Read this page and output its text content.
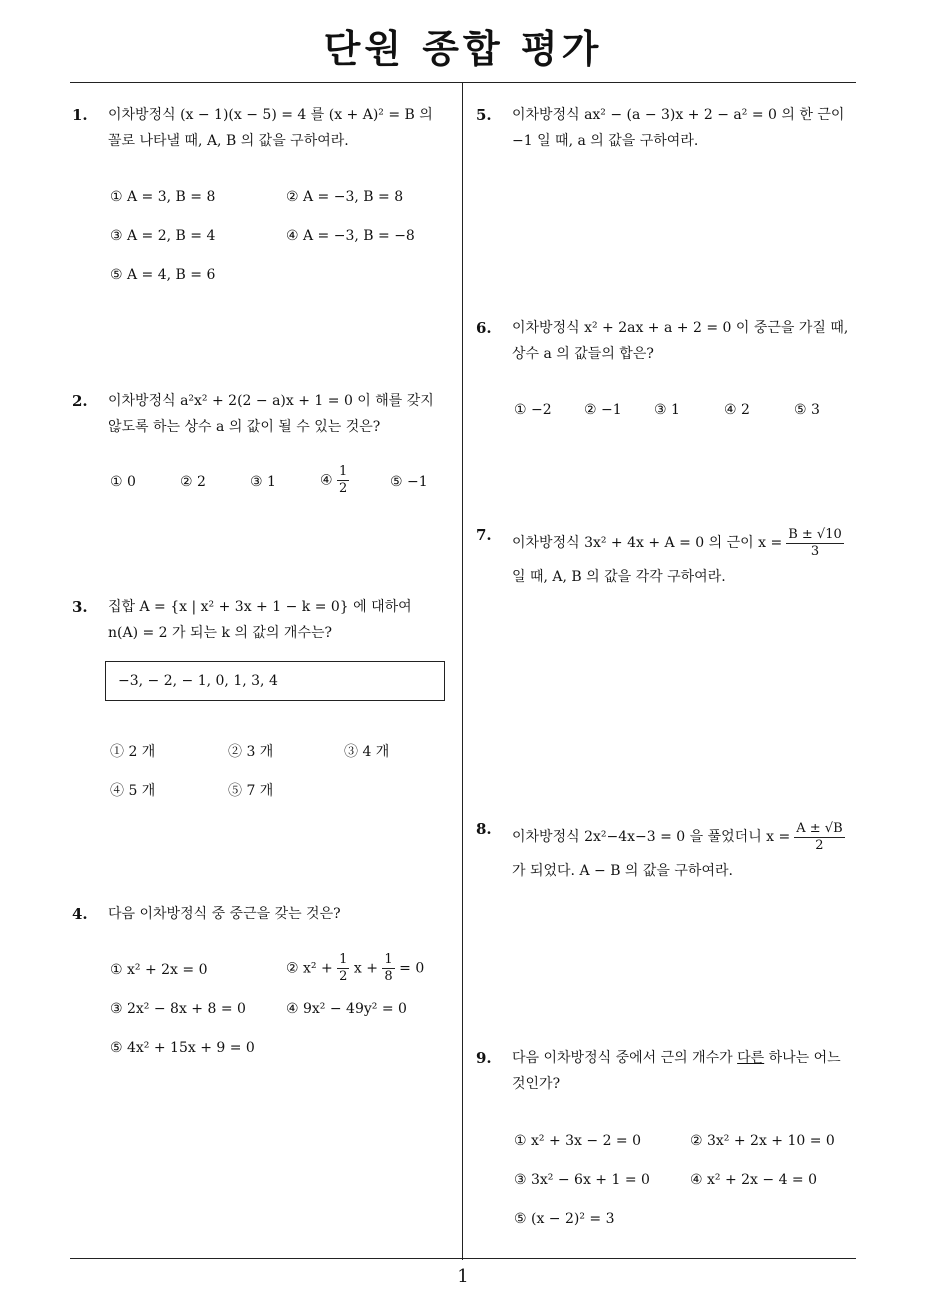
단원 종합 평가
1. 이차방정식 (x − 1)(x − 5) = 4 를 (x + A)² = B 의
꼴로 나타낼 때, A, B 의 값을 구하여라.
① A = 3, B = 8	② A = −3, B = 8
③ A = 2, B = 4	④ A = −3, B = −8
⑤ A = 4, B = 6
2. 이차방정식 a²x² + 2(2 − a)x + 1 = 0 이 해를 갖지
않도록 하는 상수 a 의 값이 될 수 있는 것은?
① 0	② 2	③ 1	④ $\frac{1}{2}$	⑤ −1
3. 집합 A = {x | x² + 3x + 1 − k = 0} 에 대하여
n(A) = 2 가 되는 k 의 값의 개수는?
−3, − 2, − 1, 0, 1, 3, 4
① 2 개	② 3 개	③ 4 개
④ 5 개	⑤ 7 개
4. 다음 이차방정식 중 중근을 갖는 것은?
① x² + 2x = 0	② $x^2 + \frac{1}{2}$ $x + \frac{1}{8} = 0$
③ 2x² − 8x + 8 = 0	④ 9x² − 49y² = 0
⑤ 4x² + 15x + 9 = 0
5. 이차방정식 ax² − (a − 3)x + 2 − a² = 0 의 한 근이
−1 일 때, a 의 값을 구하여라.
6. 이차방정식 x² + 2ax + a + 2 = 0 이 중근을 가질 때,
상수 a 의 값들의 합은?
① −2 ② −1 ③ 1	④ 2	⑤ 3
7. 이차방정식 3x² + 4x + A = 0 의 근이 $x = \frac{B \pm √10}{3}$
일 때, A, B 의 값을 각각 구하여라.
8. 이차방정식 2x²−4x−3 = 0 을 풀었더니 $x = \frac{A \pm √B}{2}$
가 되었다. A − B 의 값을 구하여라.
9. 다음 이차방정식 중에서 근의 개수가 다른 하나는 어느
것인가?
① x² + 3x − 2 = 0	② 3x² + 2x + 10 = 0
③ 3x² − 6x + 1 = 0	④ x² + 2x − 4 = 0
⑤ (x − 2)² = 3
1
